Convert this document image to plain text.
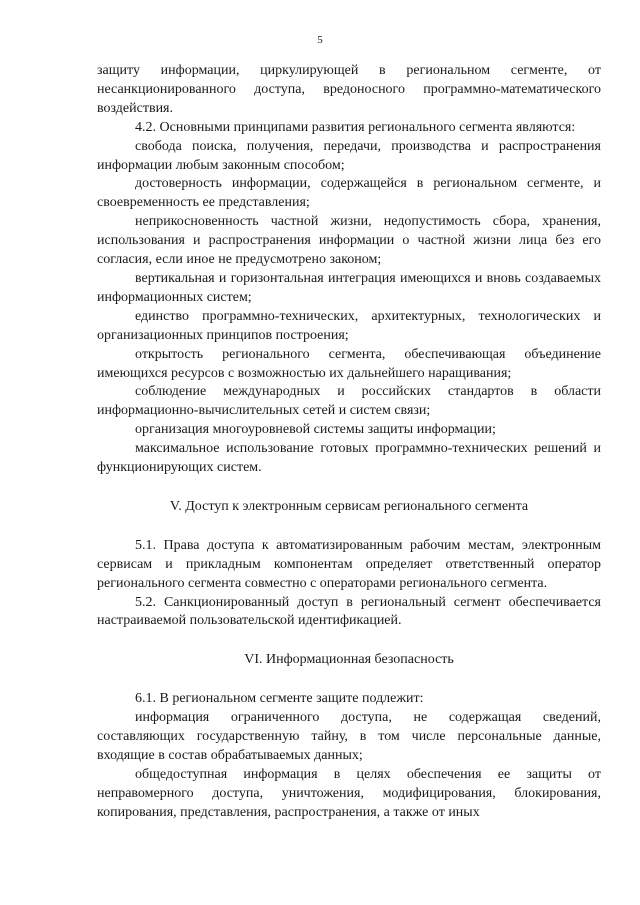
5

защиту информации, циркулирующей в региональном сегменте, от несанкционированного доступа, вредоносного программно-математического воздействия.

4.2. Основными принципами развития регионального сегмента являются:

свобода поиска, получения, передачи, производства и распространения информации любым законным способом;

достоверность информации, содержащейся в региональном сегменте, и своевременность ее представления;

неприкосновенность частной жизни, недопустимость сбора, хранения, использования и распространения информации о частной жизни лица без его согласия, если иное не предусмотрено законом;

вертикальная и горизонтальная интеграция имеющихся и вновь создаваемых информационных систем;

единство программно-технических, архитектурных, технологических и организационных принципов построения;

открытость регионального сегмента, обеспечивающая объединение имеющихся ресурсов с возможностью их дальнейшего наращивания;

соблюдение международных и российских стандартов в области информационно-вычислительных сетей и систем связи;

организация многоуровневой системы защиты информации;

максимальное использование готовых программно-технических решений и функционирующих систем.

V. Доступ к электронным сервисам регионального сегмента

5.1. Права доступа к автоматизированным рабочим местам, электронным сервисам и прикладным компонентам определяет ответственный оператор регионального сегмента совместно с операторами регионального сегмента.

5.2. Санкционированный доступ в региональный сегмент обеспечивается настраиваемой пользовательской идентификацией.

VI. Информационная безопасность

6.1. В региональном сегменте защите подлежит:

информация ограниченного доступа, не содержащая сведений, составляющих государственную тайну, в том числе персональные данные, входящие в состав обрабатываемых данных;

общедоступная информация в целях обеспечения ее защиты от неправомерного доступа, уничтожения, модифицирования, блокирования, копирования, представления, распространения, а также от иных
